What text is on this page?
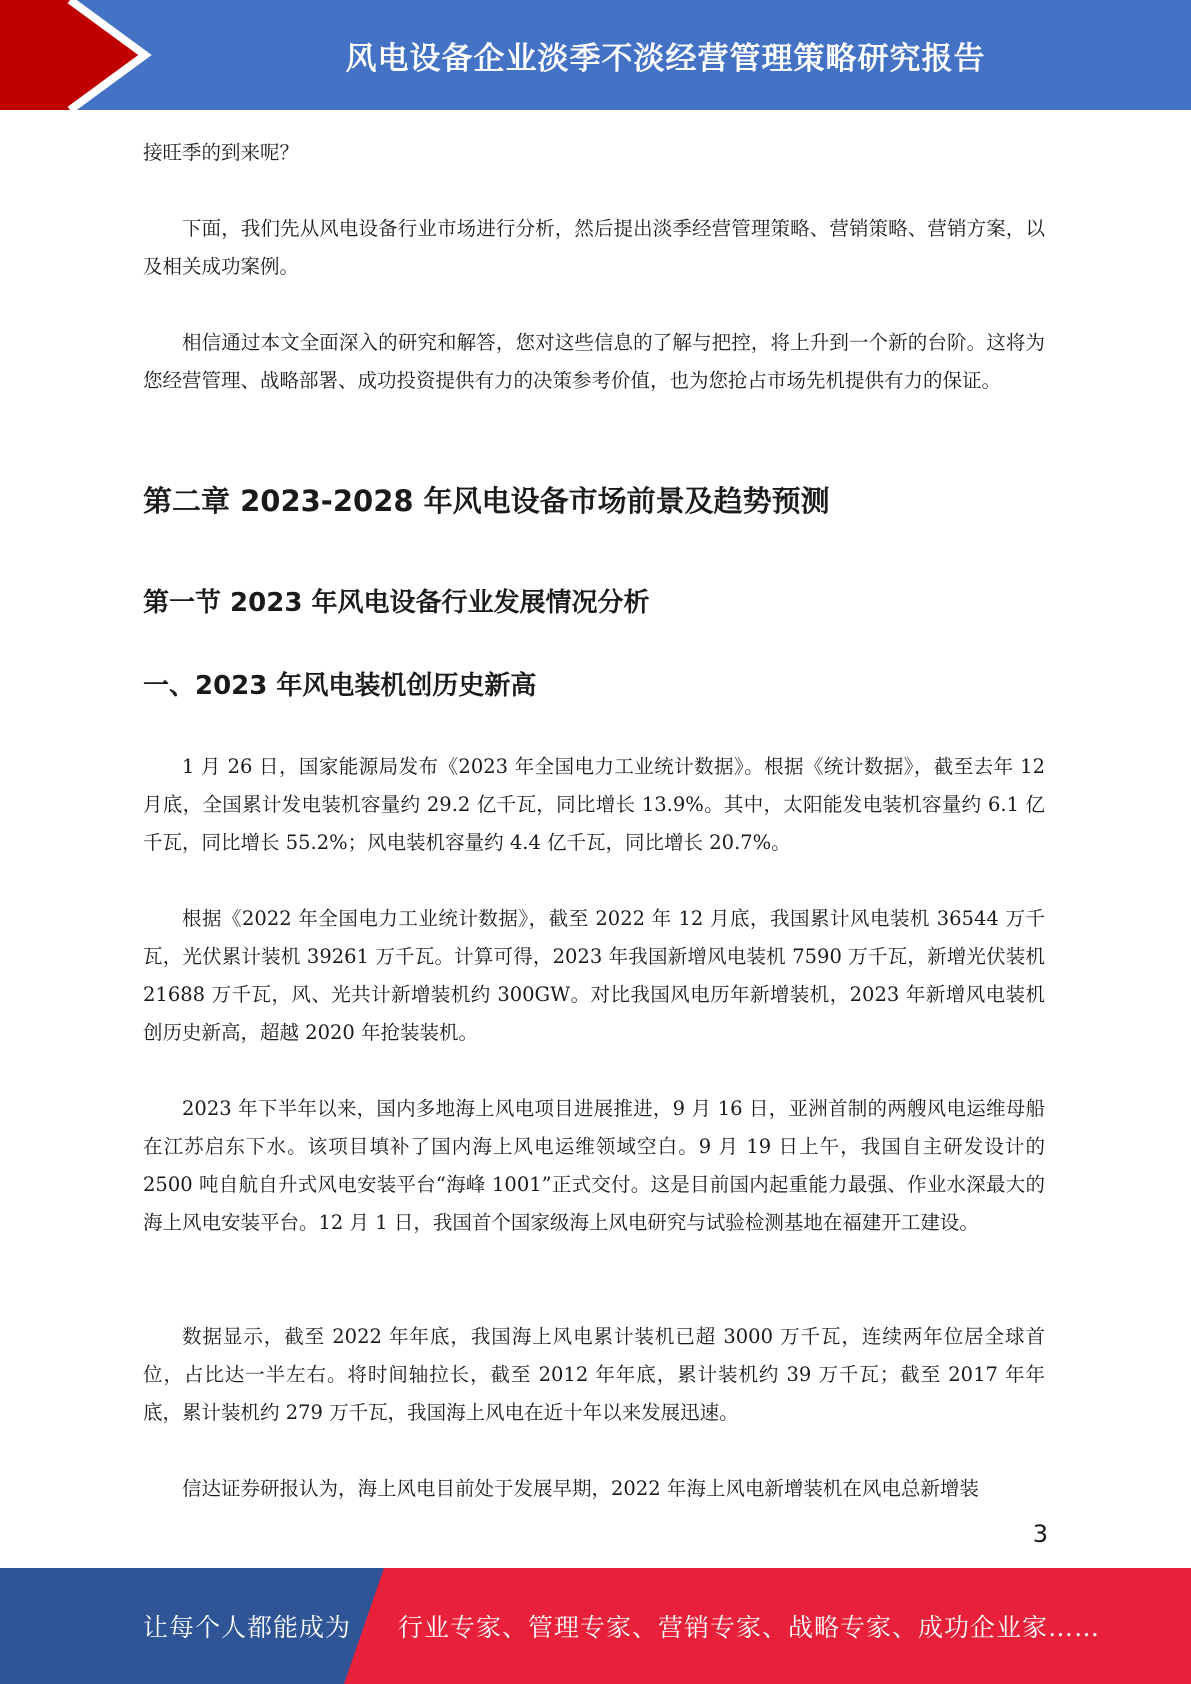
风电设备企业淡季不淡经营管理策略研究报告

接旺季的到来呢？

下面，我们先从风电设备行业市场进行分析，然后提出淡季经营管理策略、营销策略、营销方案，以及相关成功案例。

相信通过本文全面深入的研究和解答，您对这些信息的了解与把控，将上升到一个新的台阶。这将为您经营管理、战略部署、成功投资提供有力的决策参考价值，也为您抢占市场先机提供有力的保证。

第二章 2023-2028 年风电设备市场前景及趋势预测
第一节 2023 年风电设备行业发展情况分析
一、2023 年风电装机创历史新高

1 月 26 日，国家能源局发布《2023 年全国电力工业统计数据》。根据《统计数据》，截至去年 12 月底，全国累计发电装机容量约 29.2 亿千瓦，同比增长 13.9%。其中，太阳能发电装机容量约 6.1 亿千瓦，同比增长 55.2%；风电装机容量约 4.4 亿千瓦，同比增长 20.7%。

根据《2022 年全国电力工业统计数据》，截至 2022 年 12 月底，我国累计风电装机 36544 万千瓦，光伏累计装机 39261 万千瓦。计算可得，2023 年我国新增风电装机 7590 万千瓦，新增光伏装机 21688 万千瓦，风、光共计新增装机约 300GW。对比我国风电历年新增装机，2023 年新增风电装机创历史新高，超越 2020 年抢装装机。

2023 年下半年以来，国内多地海上风电项目进展推进，9 月 16 日，亚洲首制的两艘风电运维母船在江苏启东下水。该项目填补了国内海上风电运维领域空白。9 月 19 日上午，我国自主研发设计的 2500 吨自航自升式风电安装平台“海峰 1001”正式交付。这是目前国内起重能力最强、作业水深最大的海上风电安装平台。12 月 1 日，我国首个国家级海上风电研究与试验检测基地在福建开工建设。

数据显示，截至 2022 年年底，我国海上风电累计装机已超 3000 万千瓦，连续两年位居全球首位，占比达一半左右。将时间轴拉长，截至 2012 年年底，累计装机约 39 万千瓦；截至 2017 年年底，累计装机约 279 万千瓦，我国海上风电在近十年以来发展迅速。

信达证券研报认为，海上风电目前处于发展早期，2022 年海上风电新增装机在风电总新增装

3
让每个人都能成为 行业专家、管理专家、营销专家、战略专家、成功企业家……
